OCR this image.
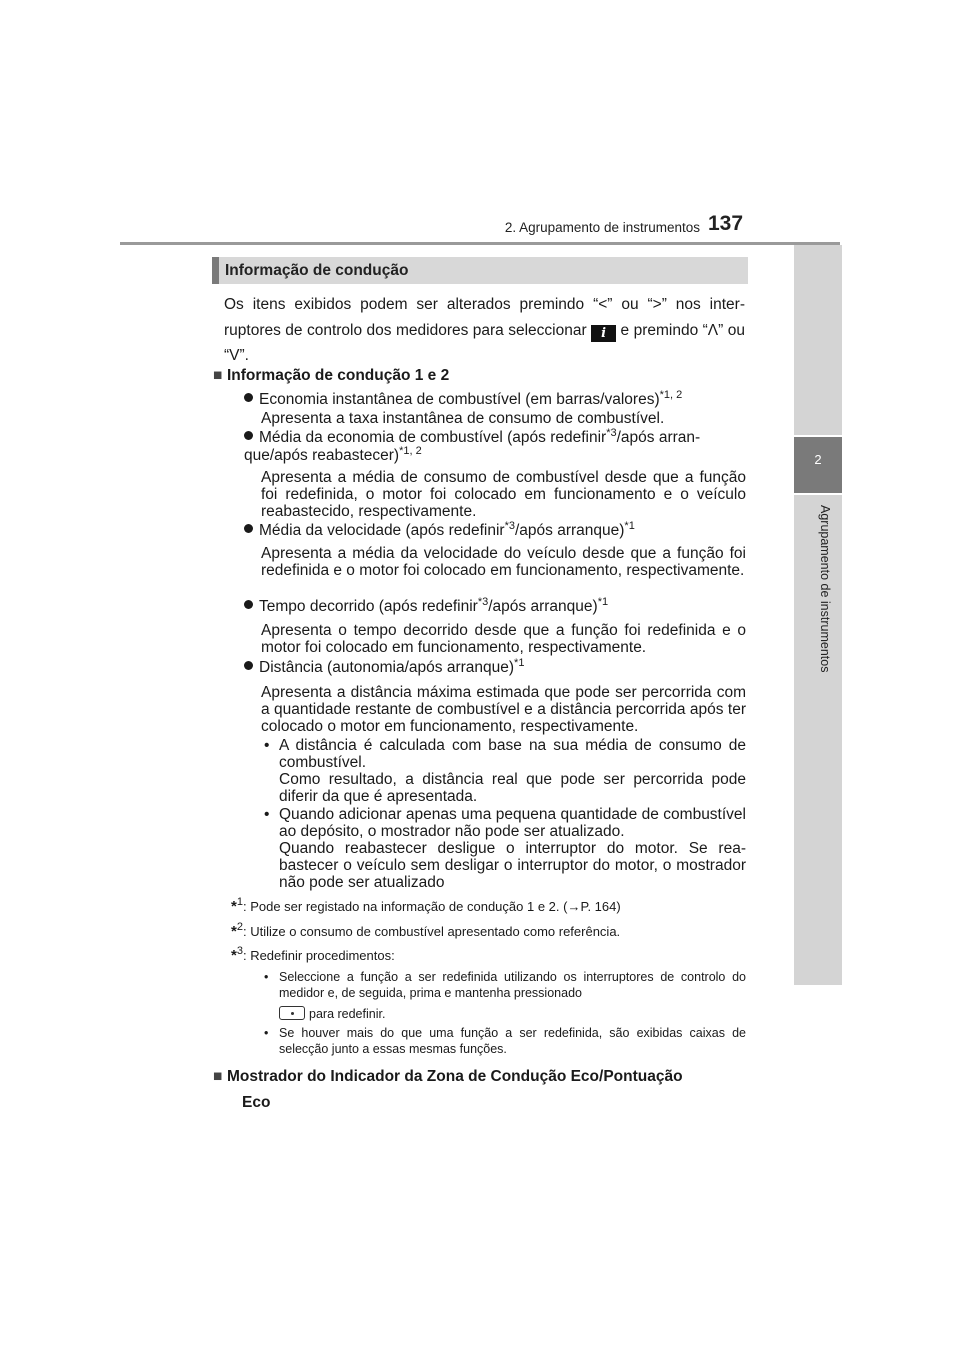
2. Agrupamento de instrumentos 137
2
Agrupamento de instrumentos
Informação de condução
Os itens exibidos podem ser alterados premindo “<” ou “>” nos interruptores de controlo dos medidores para seleccionar i e premindo “Λ” ou “V”.
■ Informação de condução 1 e 2
Economia instantânea de combustível (em barras/valores)$^{*1, 2}$
Apresenta a taxa instantânea de consumo de combustível.
Média da economia de combustível (após redefinir$^{*3}$/após arranque/após reabastecer)$^{*1, 2}$
Apresenta a média de consumo de combustível desde que a função foi redefinida, o motor foi colocado em funcionamento e o veículo reabastecido, respectivamente.
Média da velocidade (após redefinir$^{*3}$/após arranque)$^{*1}$
Apresenta a média da velocidade do veículo desde que a função foi redefinida e o motor foi colocado em funcionamento, respectivamente.
Tempo decorrido (após redefinir$^{*3}$/após arranque)$^{*1}$
Apresenta o tempo decorrido desde que a função foi redefinida e o motor foi colocado em funcionamento, respectivamente.
Distância (autonomia/após arranque)$^{*1}$
Apresenta a distância máxima estimada que pode ser percorrida com a quantidade restante de combustível e a distância percorrida após ter colocado o motor em funcionamento, respectivamente.
• A distância é calculada com base na sua média de consumo de combustível.
Como resultado, a distância real que pode ser percorrida pode diferir da que é apresentada.
• Quando adicionar apenas uma pequena quantidade de combustível ao depósito, o mostrador não pode ser atualizado.
Quando reabastecer desligue o interruptor do motor. Se reabastecer o veículo sem desligar o interruptor do motor, o mostrador não pode ser atualizado
*$^1$: Pode ser registado na informação de condução 1 e 2. (→P. 164)
*$^2$: Utilize o consumo de combustível apresentado como referência.
*$^3$: Redefinir procedimentos:
• Seleccione a função a ser redefinida utilizando os interruptores de controlo do medidor e, de seguida, prima e mantenha pressionado
para redefinir.
• Se houver mais do que uma função a ser redefinida, são exibidas caixas de selecção junto a essas mesmas funções.
■ Mostrador do Indicador da Zona de Condução Eco/Pontuação
Eco
